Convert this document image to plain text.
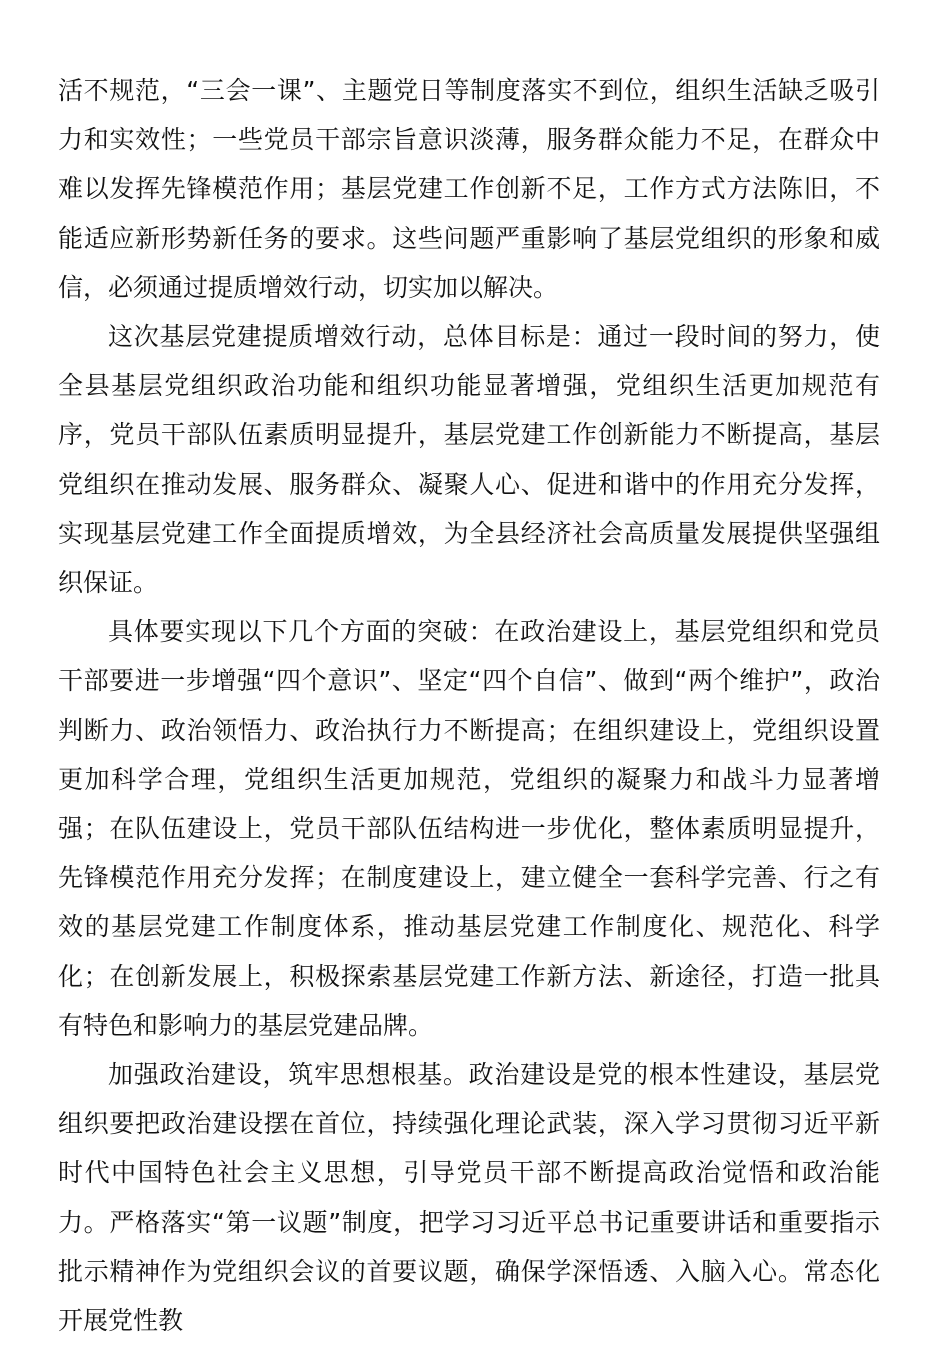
活不规范，“三会一课”、主题党日等制度落实不到位，组织生活缺乏吸引力和实效性；一些党员干部宗旨意识淡薄，服务群众能力不足，在群众中难以发挥先锋模范作用；基层党建工作创新不足，工作方式方法陈旧，不能适应新形势新任务的要求。这些问题严重影响了基层党组织的形象和威信，必须通过提质增效行动，切实加以解决。

这次基层党建提质增效行动，总体目标是：通过一段时间的努力，使全县基层党组织政治功能和组织功能显著增强，党组织生活更加规范有序，党员干部队伍素质明显提升，基层党建工作创新能力不断提高，基层党组织在推动发展、服务群众、凝聚人心、促进和谐中的作用充分发挥，实现基层党建工作全面提质增效，为全县经济社会高质量发展提供坚强组织保证。

具体要实现以下几个方面的突破：在政治建设上，基层党组织和党员干部要进一步增强“四个意识”、坚定“四个自信”、做到“两个维护”，政治判断力、政治领悟力、政治执行力不断提高；在组织建设上，党组织设置更加科学合理，党组织生活更加规范，党组织的凝聚力和战斗力显著增强；在队伍建设上，党员干部队伍结构进一步优化，整体素质明显提升，先锋模范作用充分发挥；在制度建设上，建立健全一套科学完善、行之有效的基层党建工作制度体系，推动基层党建工作制度化、规范化、科学化；在创新发展上，积极探索基层党建工作新方法、新途径，打造一批具有特色和影响力的基层党建品牌。

加强政治建设，筑牢思想根基。政治建设是党的根本性建设，基层党组织要把政治建设摆在首位，持续强化理论武装，深入学习贯彻习近平新时代中国特色社会主义思想，引导党员干部不断提高政治觉悟和政治能力。严格落实“第一议题”制度，把学习习近平总书记重要讲话和重要指示批示精神作为党组织会议的首要议题，确保学深悟透、入脑入心。常态化开展党性教
